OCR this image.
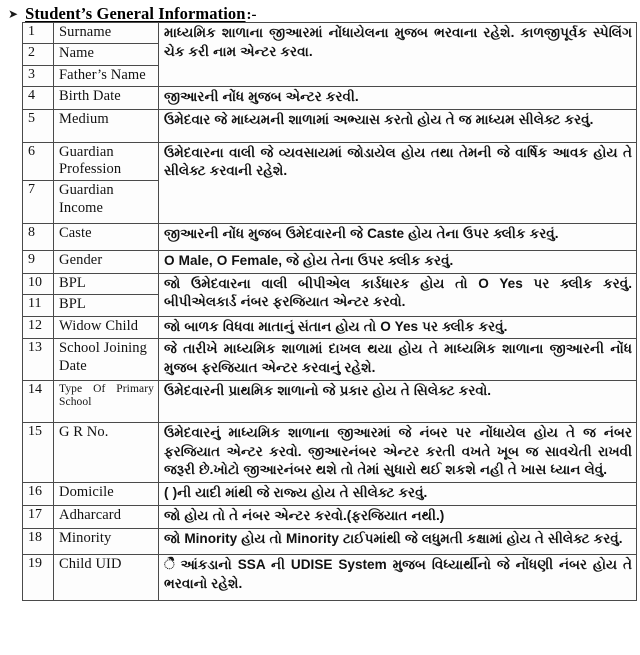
➤ Student’s General Information :-
1	Surname	માધ્યમિક શાળાના જીઆરમાં નોંધાયેલના મુજબ ભરવાના રહેશે. કાળજીપૂર્વક સ્પેલિંગ ચેક કરી નામ એન્ટર કરવા.
2	Name	
3	Father’s Name	
4	Birth Date	જીઆરની નોંધ મુજબ એન્ટર કરવી.
5	Medium	ઉમેદવાર જે માધ્યમની શાળામાં અભ્યાસ કરતો હોય તે જ માધ્યમ સીલેક્ટ કરવું.
6	Guardian Profession	ઉમેદવારના વાલી જે વ્યવસાયમાં જોડાયેલ હોય તથા તેમની જે વાર્ષિક આવક હોય તે સીલેક્ટ કરવાની રહેશે.
7	Guardian Income	
8	Caste	જીઆરની નોંધ મુજબ ઉમેદવારની જે Caste હોય તેના ઉપર ક્લીક કરવું.
9	Gender	O Male, O Female, જે હોય તેના ઉપર ક્લીક કરવું.
10	BPL	જો ઉમેદવારના વાલી બીપીએલ કાર્ડધારક હોય તો O Yes પર ક્લીક કરવું. બીપીએલકાર્ડ નંબર ફરજિયાત એન્ટર કરવો.
11	BPL	
12	Widow Child	જો બાળક વિધવા માતાનું સંતાન હોય તો O Yes પર ક્લીક કરવું.
13	School Joining Date	જે તારીખે માધ્યમિક શાળામાં દાખલ થયા હોય તે માધ્યમિક શાળાના જીઆરની નોંધ મુજબ ફરજિયાત એન્ટર કરવાનું રહેશે.
14	Type Of Primary School	ઉમેદવારની પ્રાથમિક શાળાનો જે પ્રકાર હોય તે સિલેક્ટ કરવો.
15	G R No.	ઉમેદવારનું માધ્યમિક શાળાના જીઆરમાં જે નંબર પર નોંધાયેલ હોય તે જ નંબર ફરજિયાત એન્ટર કરવો. જીઆરનંબર એન્ટર કરતી વખતે ખૂબ જ સાવચેતી રાખવી જરૂરી છે.ખોટો જીઆરનંબર થશે તો તેમાં સુધારો થઈ શકશે નહી તે ખાસ ધ્યાન લેવું.
16	Domicile	( )ની યાદી માંથી જે રાજ્ય હોય તે સીલેક્ટ કરવું.
17	Adharcard	જો હોય તો તે નંબર એન્ટર કરવો.(ફરજિયાત નથી.)
18	Minority	જો Minority હોય તો Minority ટાઈપમાંથી જે લધુમતી કક્ષામાં હોય તે સીલેક્ટ કરવું.
19	Child UID	ેૈ આંકડાનો SSA ની UDISE System મુજબ વિધ્યાર્થીનો જે નોંધણી નંબર હોય તે ભરવાનો રહેશે.
